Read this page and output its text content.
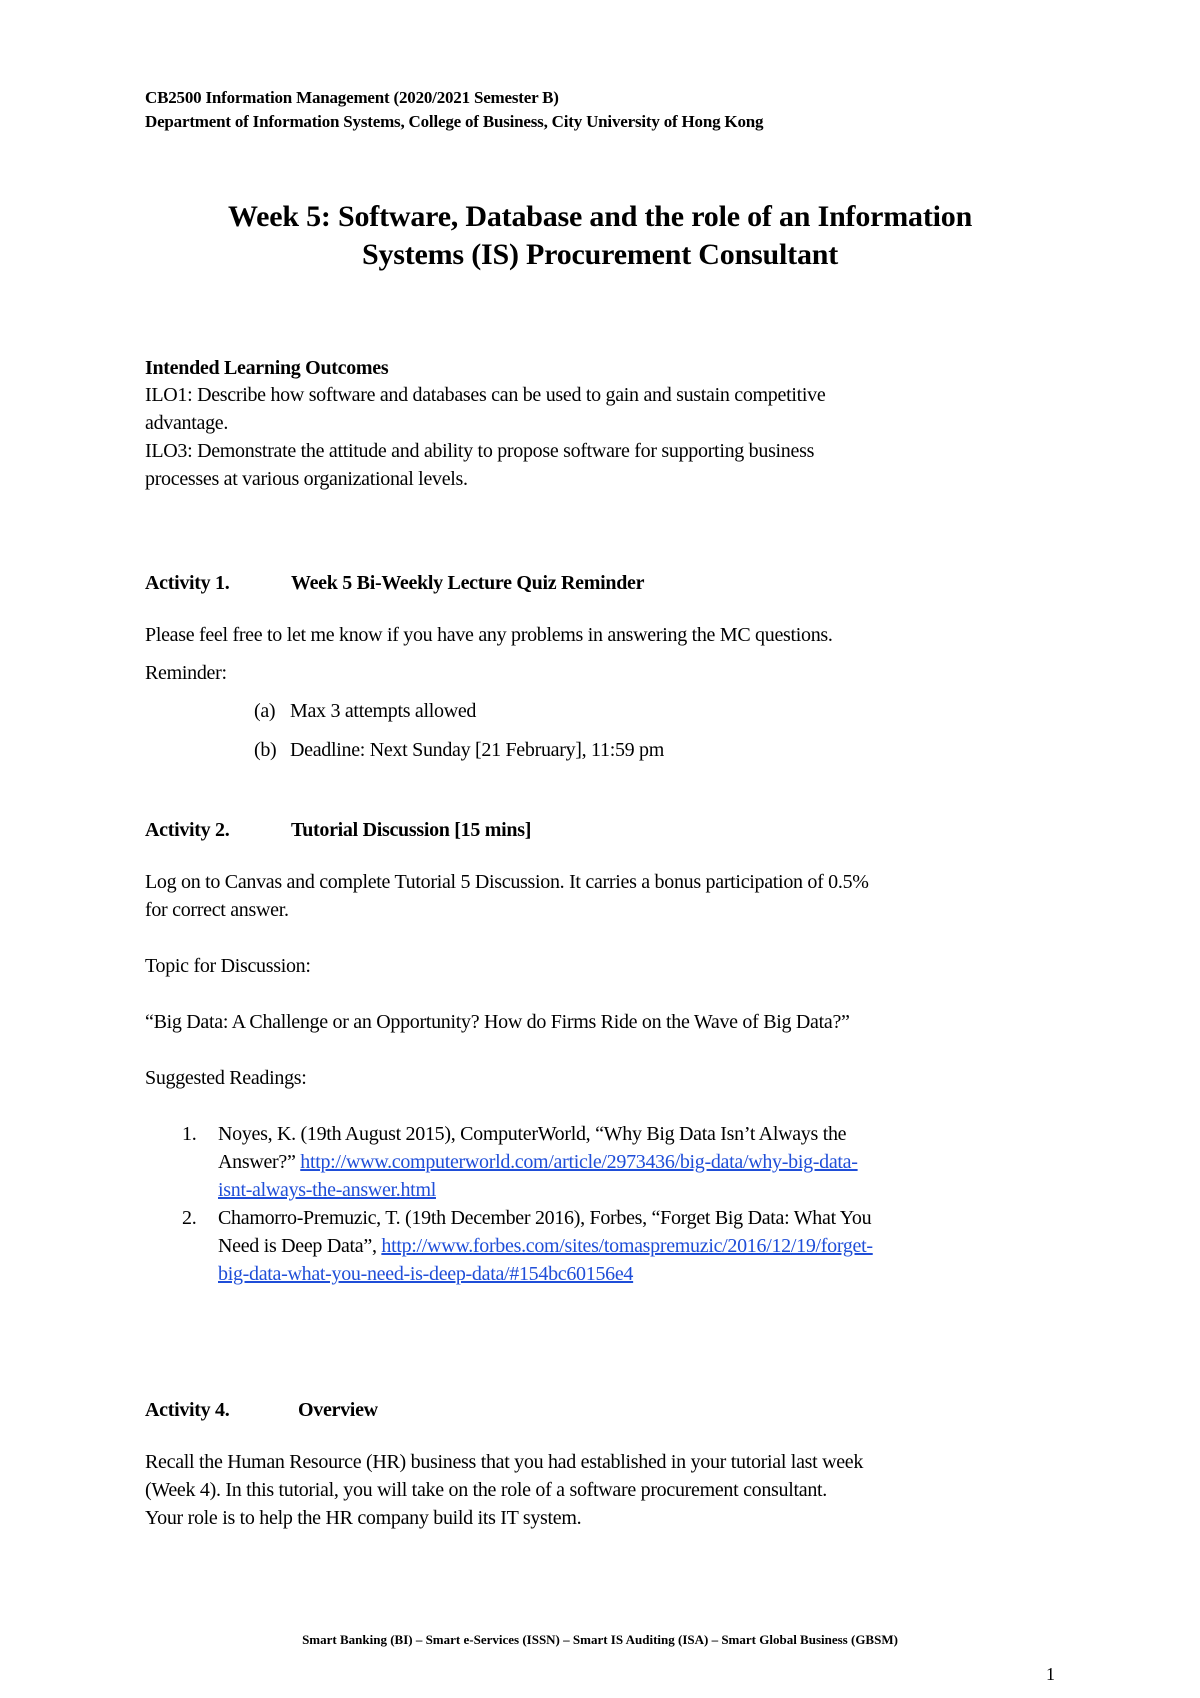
CB2500 Information Management (2020/2021 Semester B)
Department of Information Systems, College of Business, City University of Hong Kong
Week 5: Software, Database and the role of an Information
Systems (IS) Procurement Consultant
Intended Learning Outcomes
ILO1: Describe how software and databases can be used to gain and sustain competitive
advantage.
ILO3: Demonstrate the attitude and ability to propose software for supporting business
processes at various organizational levels.
Activity 1.	Week 5 Bi-Weekly Lecture Quiz Reminder
Please feel free to let me know if you have any problems in answering the MC questions.
Reminder:
(a) Max 3 attempts allowed
(b) Deadline: Next Sunday [21 February], 11:59 pm
Activity 2.	Tutorial Discussion [15 mins]
Log on to Canvas and complete Tutorial 5 Discussion. It carries a bonus participation of 0.5%
for correct answer.
Topic for Discussion:
“Big Data: A Challenge or an Opportunity? How do Firms Ride on the Wave of Big Data?”
Suggested Readings:
1. Noyes, K. (19th August 2015), ComputerWorld, “Why Big Data Isn’t Always the
Answer?” http://www.computerworld.com/article/2973436/big-data/why-big-data-
isnt-always-the-answer.html
2. Chamorro-Premuzic, T. (19th December 2016), Forbes, “Forget Big Data: What You
Need is Deep Data”, http://www.forbes.com/sites/tomaspremuzic/2016/12/19/forget-
big-data-what-you-need-is-deep-data/#154bc60156e4
Activity 4.	Overview
Recall the Human Resource (HR) business that you had established in your tutorial last week
(Week 4). In this tutorial, you will take on the role of a software procurement consultant.
Your role is to help the HR company build its IT system.
Smart Banking (BI) – Smart e-Services (ISSN) – Smart IS Auditing (ISA) – Smart Global Business (GBSM)
1
